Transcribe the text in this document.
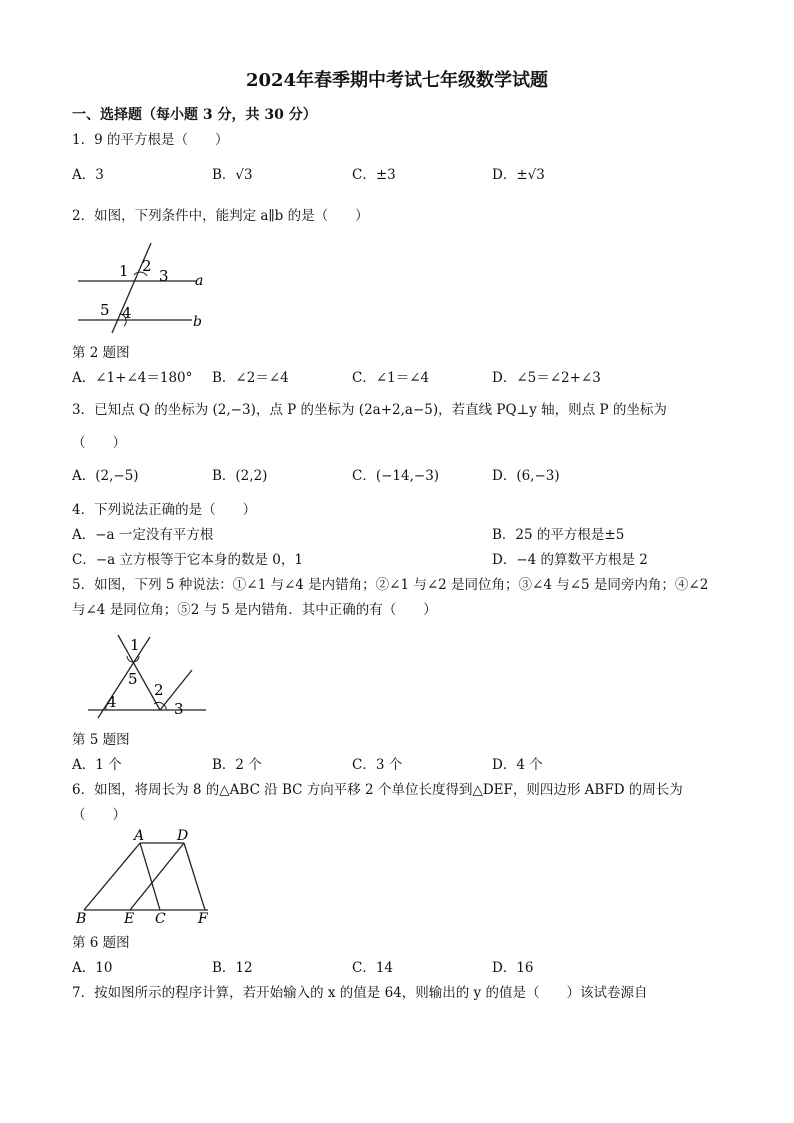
2024年春季期中考试七年级数学试题
一、选择题（每小题 3 分，共 30 分）
1．9 的平方根是（　　）
A．3	B．√3	C．±3	D．±√3
2．如图，下列条件中，能判定 a∥b 的是（　　）
1 2
3
4
5
a
b
第 2 题图
A．∠1+∠4＝180° B．∠2＝∠4	C．∠1＝∠4	D．∠5＝∠2+∠3
3．已知点 Q 的坐标为 (2,−3)，点 P 的坐标为 (2a+2,a−5)，若直线 PQ⊥y 轴，则点 P 的坐标为
（　　）
A．(2,−5)	B．(2,2)	C．(−14,−3)	D．(6,−3)
4．下列说法正确的是（　　）
A．−a 一定没有平方根	B．25 的平方根是±5
C．−a 立方根等于它本身的数是 0，1	D．−4 的算数平方根是 2
5．如图，下列 5 种说法：①∠1 与∠4 是内错角；②∠1 与∠2 是同位角；③∠4 与∠5 是同旁内角；④∠2
与∠4 是同位角；⑤2 与 5 是内错角．其中正确的有（　　）
1
5
2
3
4
第 5 题图
A．1 个	B．2 个	C．3 个	D．4 个
6．如图，将周长为 8 的△ABC 沿 BC 方向平移 2 个单位长度得到△DEF，则四边形 ABFD 的周长为
（　　）
A D
B	E C F
第 6 题图
A．10	B．12	C．14	D．16
7．按如图所示的程序计算，若开始输入的 x 的值是 64，则输出的 y 的值是（　　）该试卷源自
